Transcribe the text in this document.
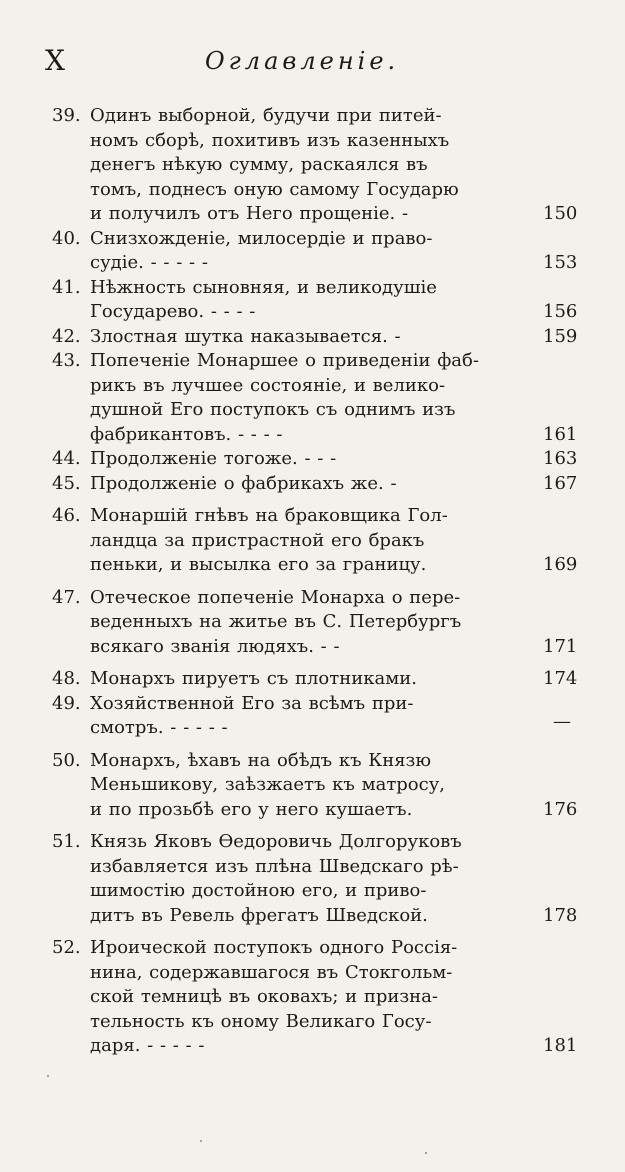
X	Оглавленіе.
39. Одинъ выборной, будучи при питей-
номъ сборѣ, похитивъ изъ казенныхъ
денегъ нѣкую сумму, раскаялся въ
томъ, поднесъ оную самому Государю
и получилъ отъ Него прощеніе. -	150
40. Снизхожденіе, милосердіе и право-
судіе. - - - - -	153
41. Нѣжность сыновняя, и великодушіе
Государево. - - - -	156
42. Злостная шутка наказывается. -	159
43. Попеченіе Монаршее о приведеніи фаб-
рикъ въ лучшее состояніе, и велико-
душной Его поступокъ съ однимъ изъ
фабрикантовъ. - - - -	161
44. Продолженіе тогоже. - - -	163
45. Продолженіе о фабрикахъ же. -	167
46. Монаршій гнѣвъ на браковщика Гол-
ландца за пристрастной его бракъ
пеньки, и высылка его за границу.	169
47. Отеческое попеченіе Монарха о пере-
веденныхъ на житье въ С. Петербургъ
всякаго званія людяхъ. - -	171
48. Монархъ пируетъ съ плотниками.	174
49. Хозяйственной Его за всѣмъ при-
смотръ. - - - - -	—
50. Монархъ, ѣхавъ на обѣдъ къ Князю
Меньшикову, заѣзжаетъ къ матросу,
и по прозьбѣ его у него кушаетъ.	176
51. Князь Яковъ Өедоровичь Долгоруковъ
избавляется изъ плѣна Шведскаго рѣ-
шимостію достойною его, и приво-
дитъ въ Ревель фрегатъ Шведской.	178
52. Ироической поступокъ одного Россія-
нина, содержавшагося въ Стокгольм-
ской темницѣ въ оковахъ; и призна-
тельность къ оному Великаго Госу-
даря. - - - - -	181
